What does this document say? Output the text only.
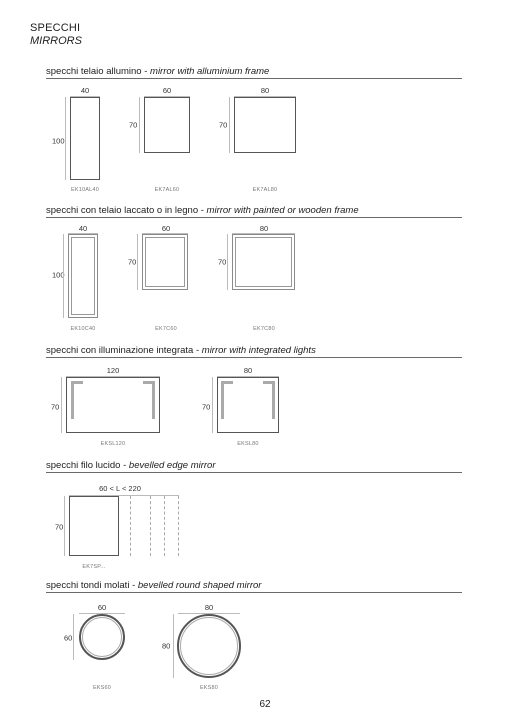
SPECCHI
MIRRORS
specchi telaio allumino - mirror with alluminium frame
40
100
EK10AL40
60
70
EK7AL60
80
70
EK7AL80
specchi con telaio laccato o in legno - mirror with painted or wooden frame
40
100
EK10C40
60
70
EK7C60
80
70
EK7C80
specchi con illuminazione integrata - mirror with integrated lights
120
70
EKSL120
80
70
EKSL80
specchi filo lucido - bevelled edge mirror
60 < L < 220
70
EK7SP...
specchi tondi molati - bevelled round shaped mirror
60
60
EKS60
80
80
EKS80
62
